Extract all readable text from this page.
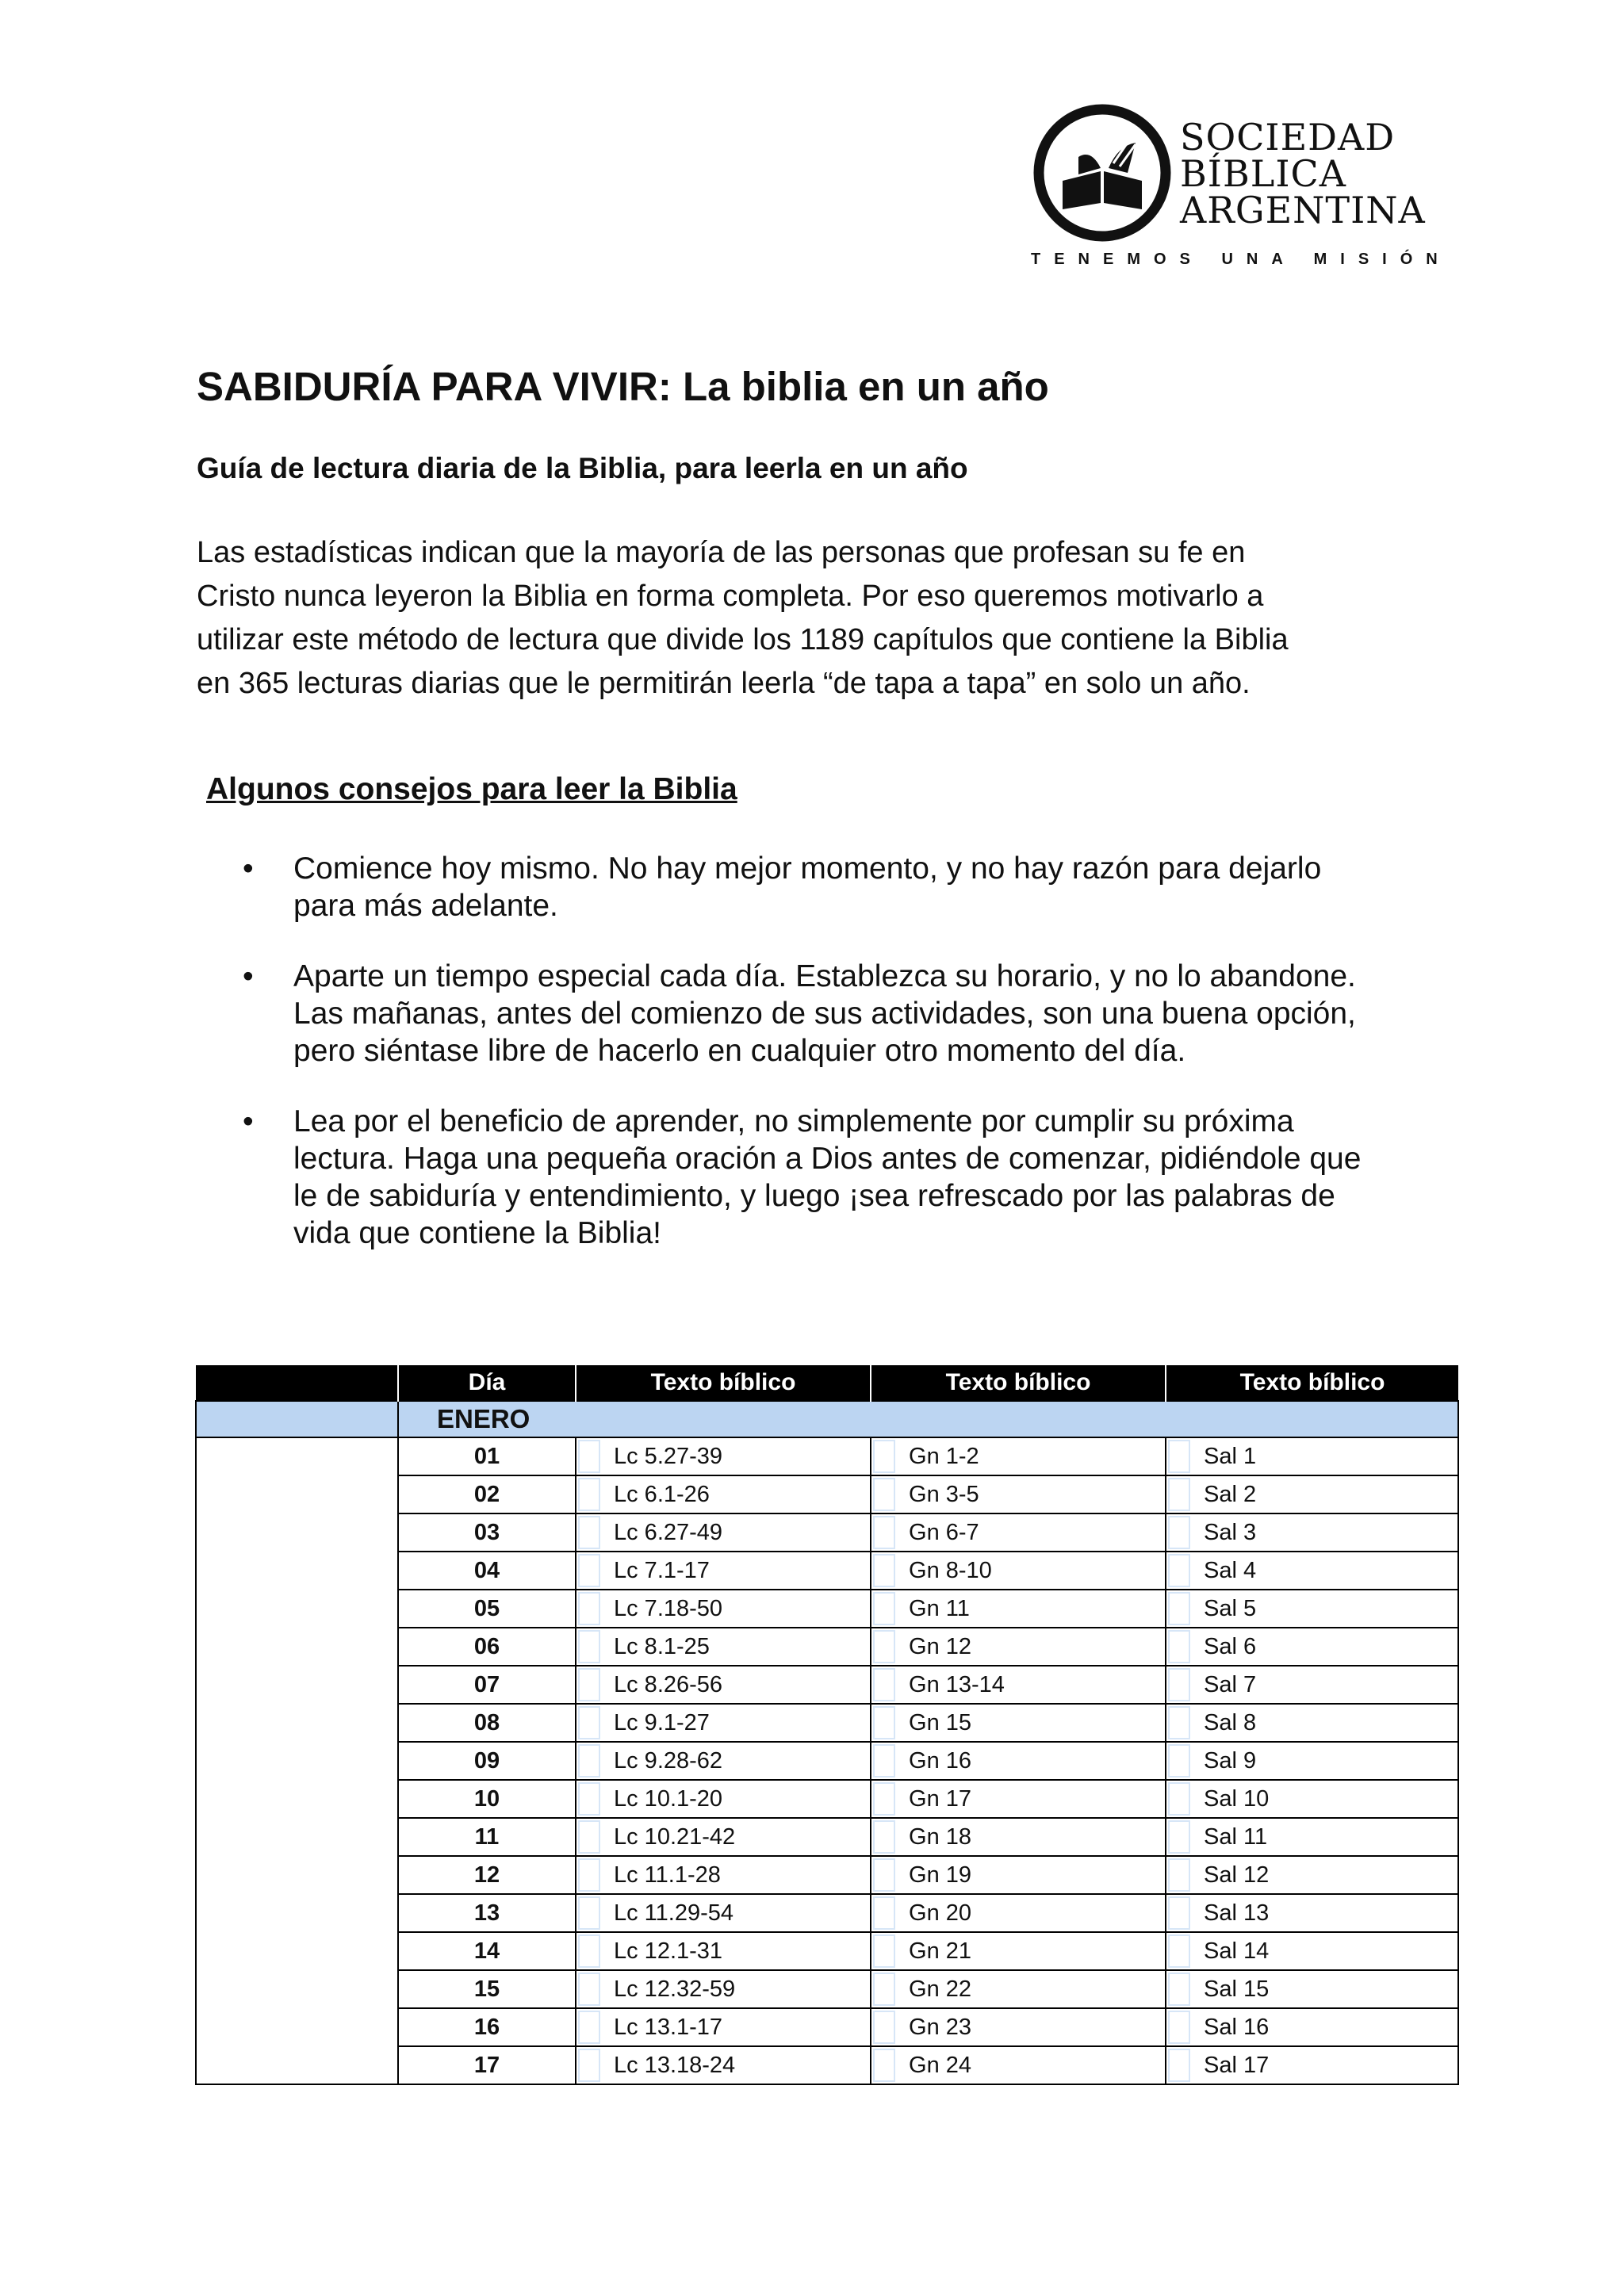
SOCIEDAD
BÍBLICA
ARGENTINA
TENEMOS UNA MISIÓN
SABIDURÍA PARA VIVIR: La biblia en un año
Guía de lectura diaria de la Biblia, para leerla en un año

Las estadísticas indican que la mayoría de las personas que profesan su fe en

Cristo nunca leyeron la Biblia en forma completa. Por eso queremos motivarlo a

utilizar este método de lectura que divide los 1189 capítulos que contiene la Biblia

en 365 lecturas diarias que le permitirán leerla “de tapa a tapa” en solo un año.

Algunos consejos para leer la Biblia
• Comience hoy mismo. No hay mejor momento, y no hay razón para dejarlo
para más adelante.
• Aparte un tiempo especial cada día. Establezca su horario, y no lo abandone.
Las mañanas, antes del comienzo de sus actividades, son una buena opción,
pero siéntase libre de hacerlo en cualquier otro momento del día.
• Lea por el beneficio de aprender, no simplemente por cumplir su próxima
lectura. Haga una pequeña oración a Dios antes de comenzar, pidiéndole que
le de sabiduría y entendimiento, y luego ¡sea refrescado por las palabras de
vida que contiene la Biblia!
	Día	Texto bíblico		Texto bíblico		Texto bíblico	
	ENERO						
	01		Lc 5.27-39		Gn 1-2		Sal 1
	02		Lc 6.1-26		Gn 3-5		Sal 2
	03		Lc 6.27-49		Gn 6-7		Sal 3
	04		Lc 7.1-17		Gn 8-10		Sal 4
	05		Lc 7.18-50		Gn 11		Sal 5
	06		Lc 8.1-25		Gn 12		Sal 6
	07		Lc 8.26-56		Gn 13-14		Sal 7
	08		Lc 9.1-27		Gn 15		Sal 8
	09		Lc 9.28-62		Gn 16		Sal 9
	10		Lc 10.1-20		Gn 17		Sal 10
	11		Lc 10.21-42		Gn 18		Sal 11
	12		Lc 11.1-28		Gn 19		Sal 12
	13		Lc 11.29-54		Gn 20		Sal 13
	14		Lc 12.1-31		Gn 21		Sal 14
	15		Lc 12.32-59		Gn 22		Sal 15
	16		Lc 13.1-17		Gn 23		Sal 16
	17		Lc 13.18-24		Gn 24		Sal 17
